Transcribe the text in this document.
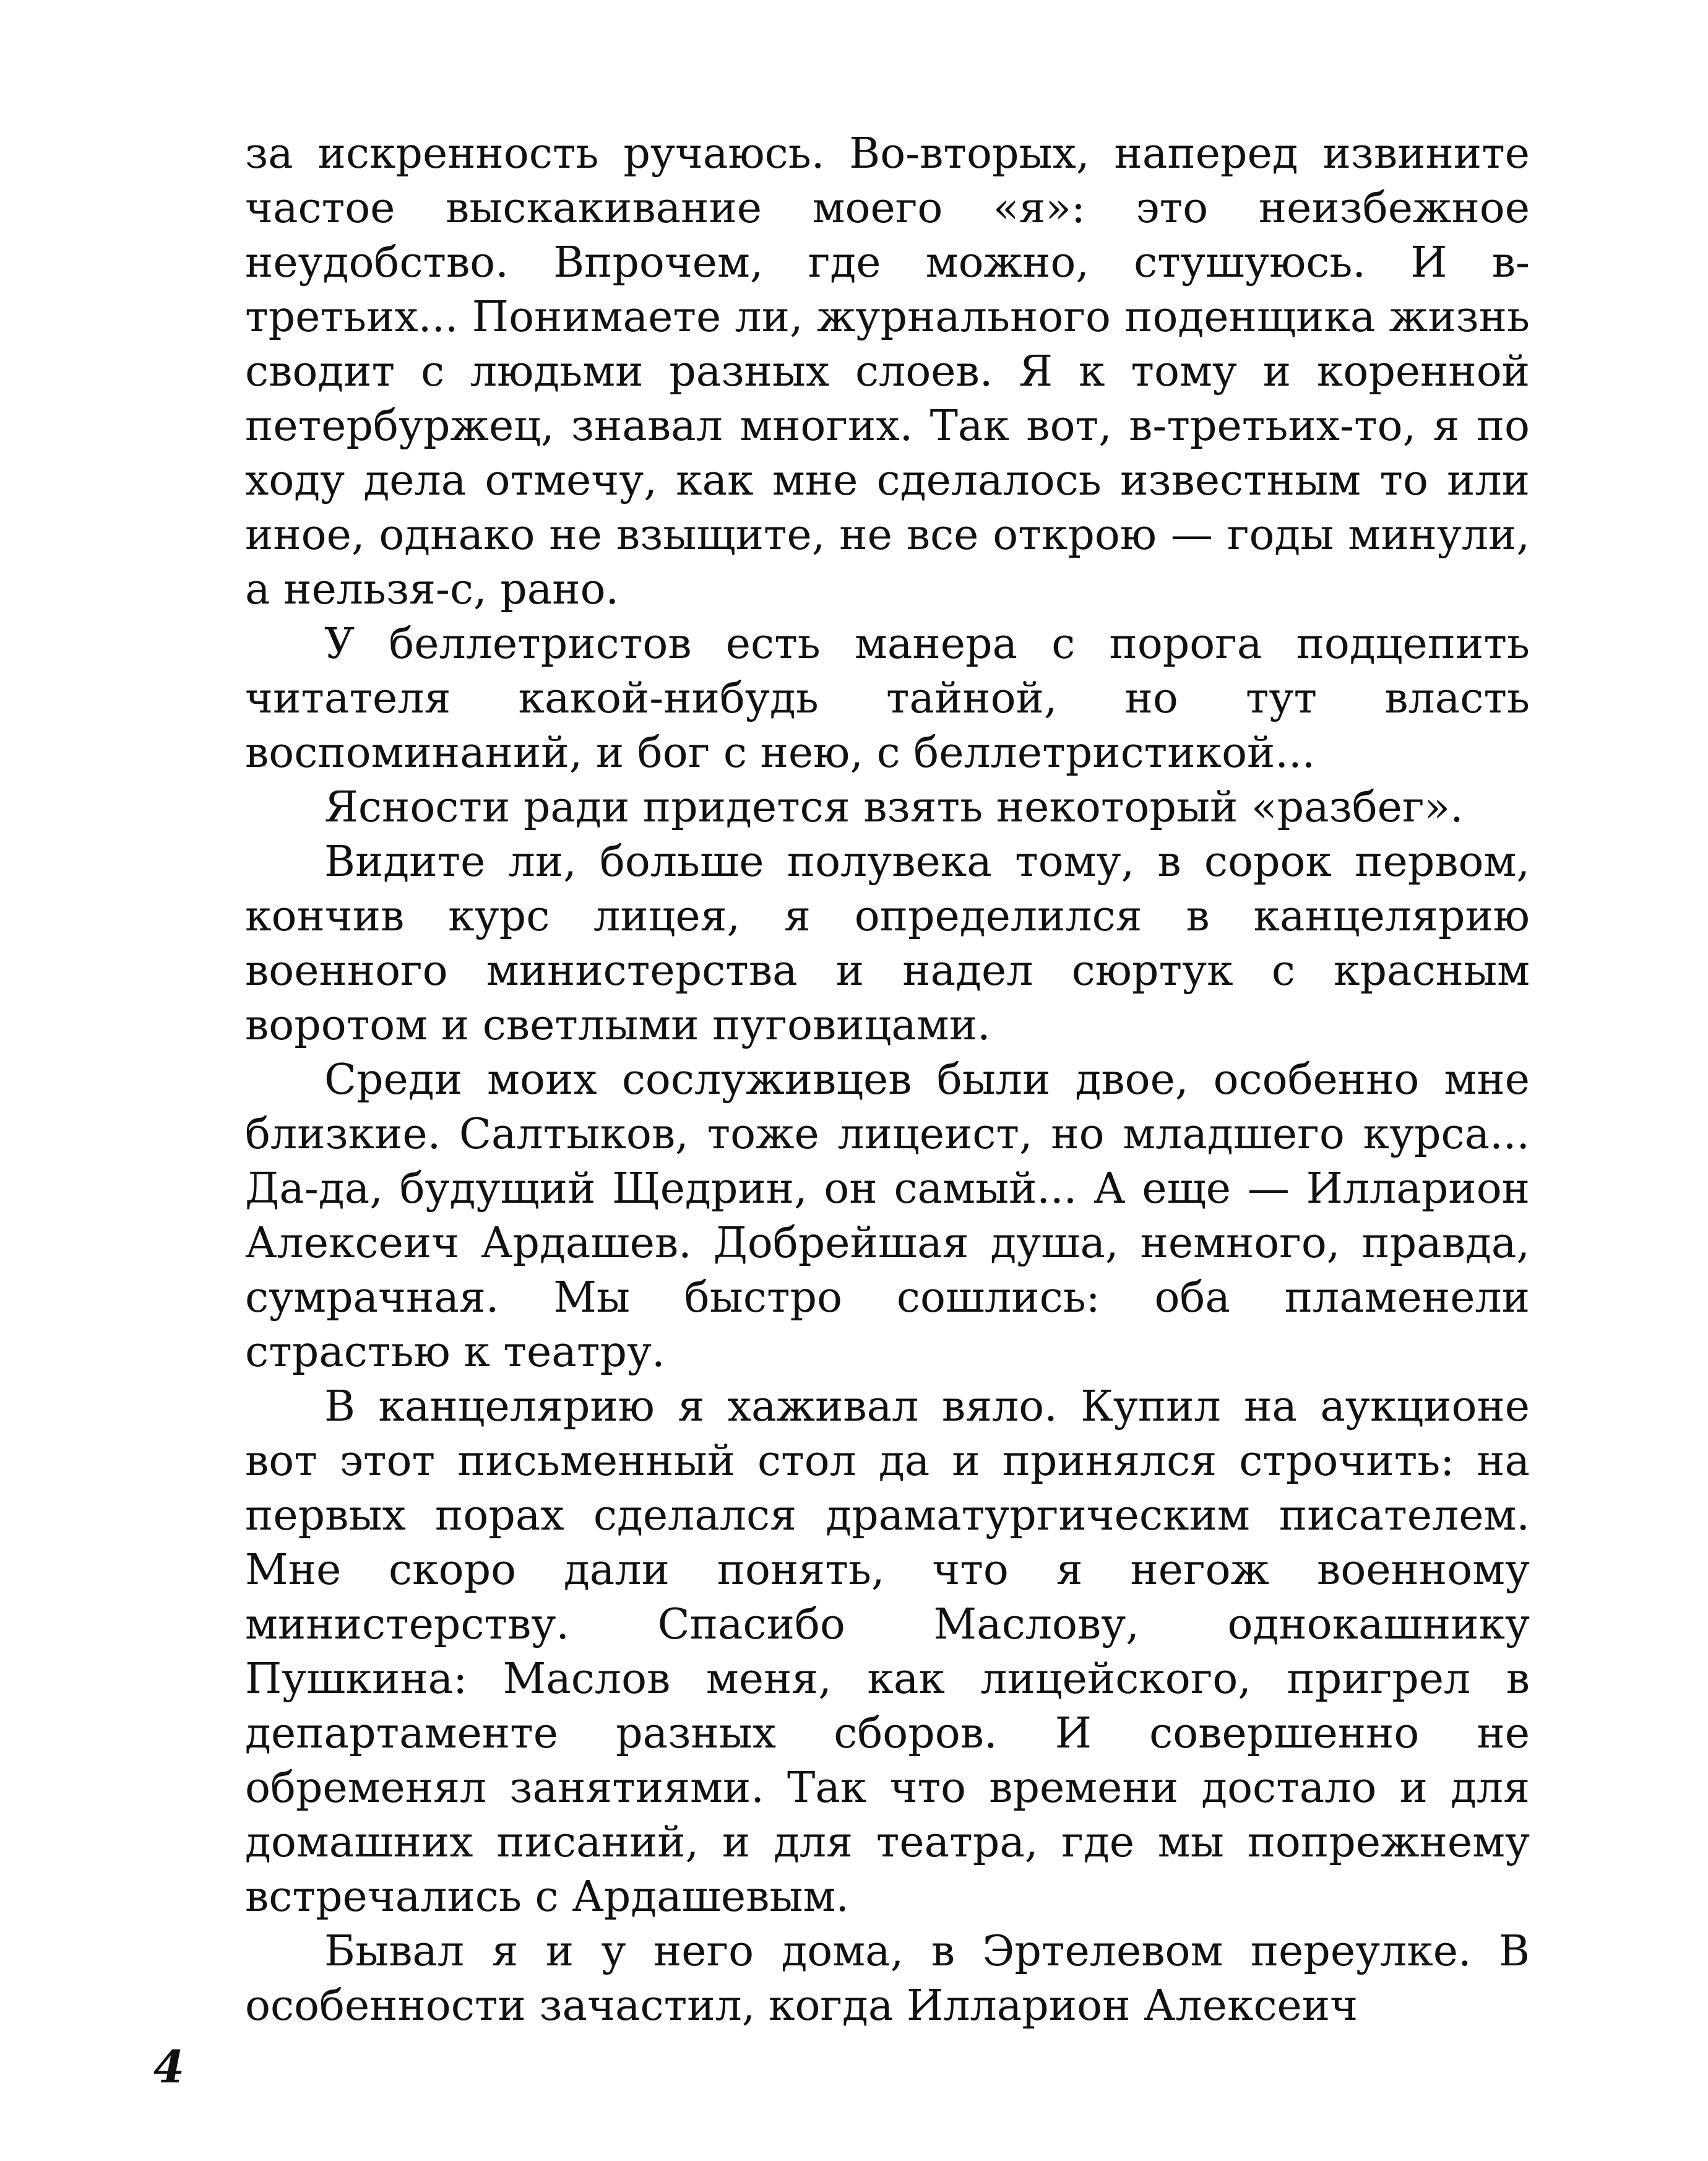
за искренность ручаюсь. Во-вторых, наперед извините частое выскакивание моего «я»: это неизбежное неудобство. Впрочем, где можно, стушуюсь. И в-третьих... Понимаете ли, журнального поденщика жизнь сводит с людьми разных слоев. Я к тому и коренной петербуржец, знавал многих. Так вот, в-третьих-то, я по ходу дела отмечу, как мне сделалось известным то или иное, однако не взыщите, не все открою — годы минули, а нельзя-с, рано.

У беллетристов есть манера с порога подцепить читателя какой-нибудь тайной, но тут власть воспоминаний, и бог с нею, с беллетристикой...

Ясности ради придется взять некоторый «разбег».

Видите ли, больше полувека тому, в сорок первом, кончив курс лицея, я определился в канцелярию военного министерства и надел сюртук с красным воротом и светлыми пуговицами.

Среди моих сослуживцев были двое, особенно мне близкие. Салтыков, тоже лицеист, но младшего курса... Да-да, будущий Щедрин, он самый... А еще — Илларион Алексеич Ардашев. Добрейшая душа, немного, правда, сумрачная. Мы быстро сошлись: оба пламенели страстью к театру.

В канцелярию я хаживал вяло. Купил на аукционе вот этот письменный стол да и принялся строчить: на первых порах сделался драматургическим писателем. Мне скоро дали понять, что я негож военному министерству. Спасибо Маслову, однокашнику Пушкина: Маслов меня, как лицейского, пригрел в департаменте разных сборов. И совершенно не обременял занятиями. Так что времени достало и для домашних писаний, и для театра, где мы попрежнему встречались с Ардашевым.

Бывал я и у него дома, в Эртелевом переулке. В особенности зачастил, когда Илларион Алексеич

4
